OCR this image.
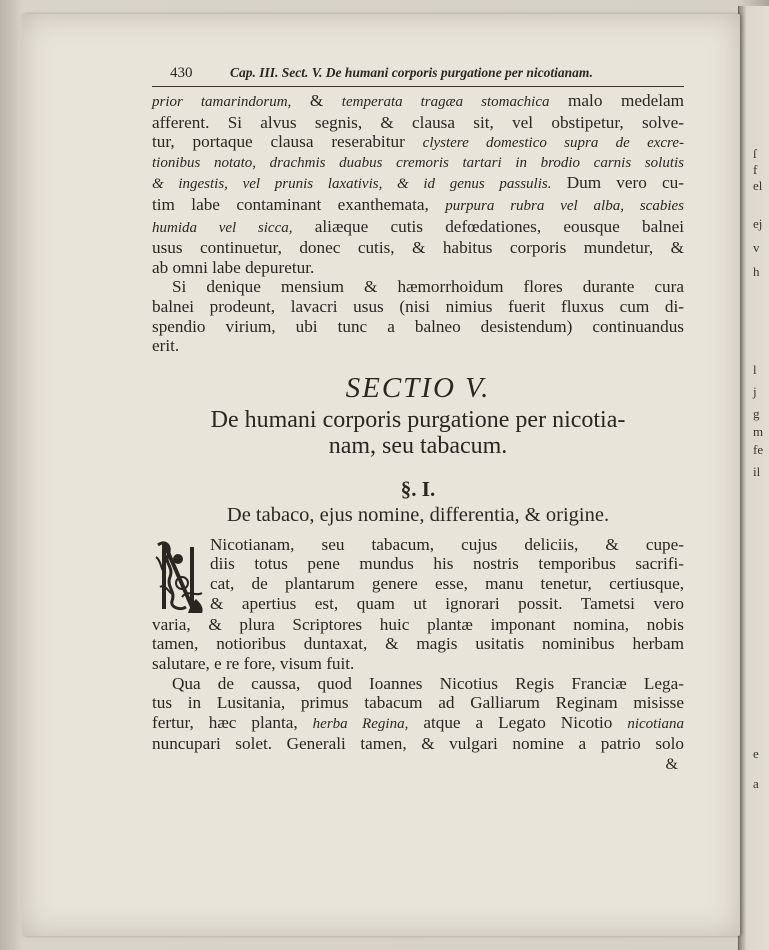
ſ
f
el
ej
v
h
l
j
g
m
fe
il
e
a
430	Cap. III. Sect. V. De humani corporis purgatione per nicotianam.
prior tamarindorum, & temperata tragæa stomachica malo medelam
afferent. Si alvus segnis, & clausa sit, vel obstipetur, solve-
tur, portaque clausa reserabitur clystere domestico supra de excre-
tionibus notato, drachmis duabus cremoris tartari in brodio carnis solutis
& ingestis, vel prunis laxativis, & id genus passulis. Dum vero cu-
tim labe contaminant exanthemata, purpura rubra vel alba, scabies
humida vel sicca, aliæque cutis defœdationes, eousque balnei
usus continuetur, donec cutis, & habitus corporis mundetur, &
ab omni labe depuretur.
Si denique mensium & hæmorrhoidum flores durante cura
balnei prodeunt, lavacri usus (nisi nimius fuerit fluxus cum di-
spendio virium, ubi tunc a balneo desistendum) continuandus
erit.
SECTIO V.
De humani corporis purgatione per nicotia-
nam, seu tabacum.
§. I.
De tabaco, ejus nomine, differentia, & origine.
Nicotianam, seu tabacum, cujus deliciis, & cupe-
diis totus pene mundus his nostris temporibus sacrifi-
cat, de plantarum genere esse, manu tenetur, certiusque,
& apertius est, quam ut ignorari possit. Tametsi vero
varia, & plura Scriptores huic plantæ imponant nomina, nobis
tamen, notioribus duntaxat, & magis usitatis nominibus herbam
salutare, e re fore, visum fuit.
Qua de caussa, quod Ioannes Nicotius Regis Franciæ Lega-
tus in Lusitania, primus tabacum ad Galliarum Reginam misisse
fertur, hæc planta, herba Regina, atque a Legato Nicotio nicotiana
nuncupari solet. Generali tamen, & vulgari nomine a patrio solo
&
